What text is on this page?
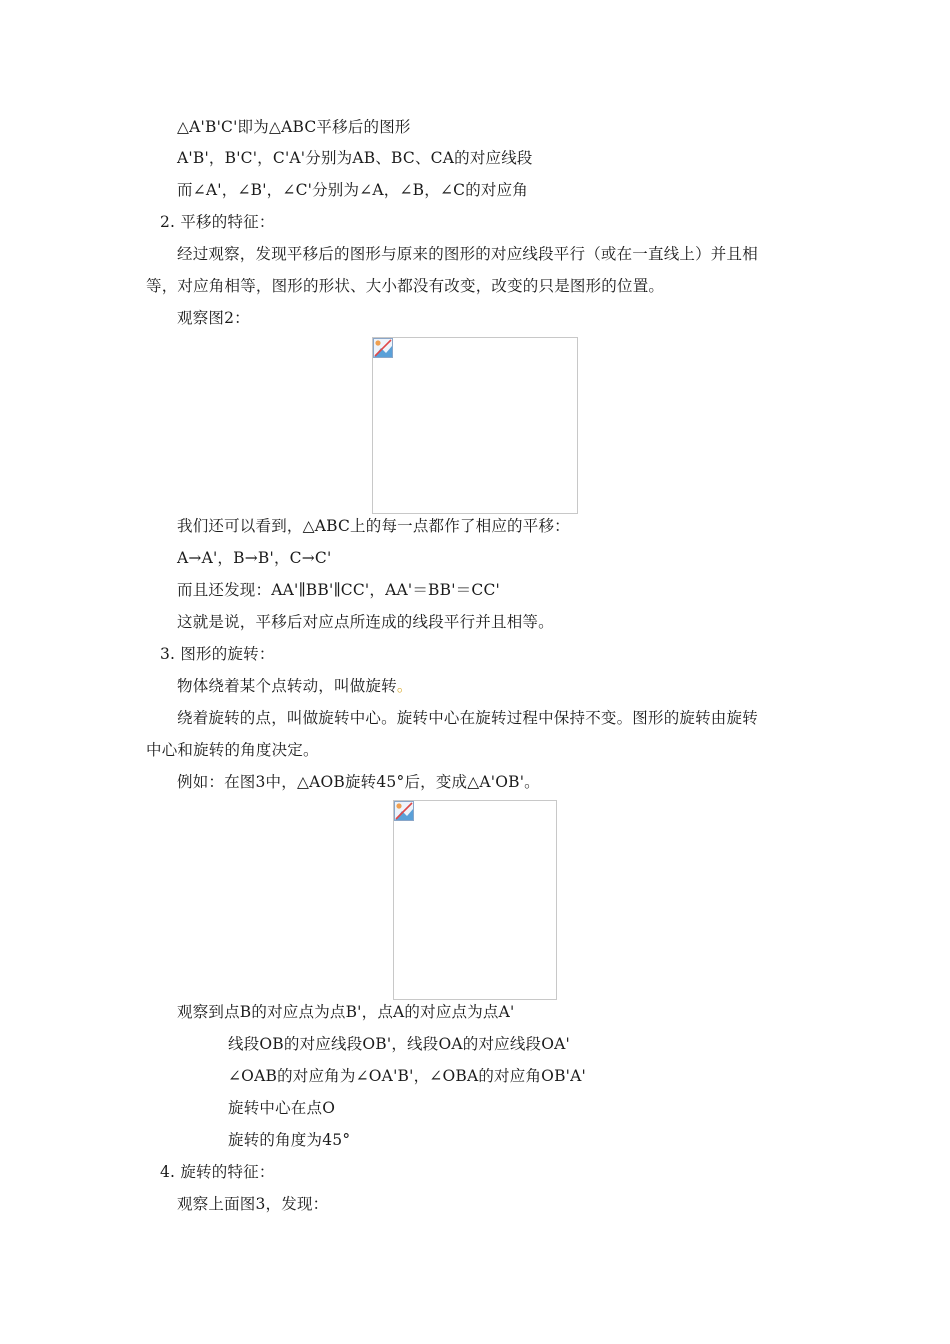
△A'B'C'即为△ABC平移后的图形
A'B'，B'C'，C'A'分别为AB、BC、CA的对应线段
而∠A'，∠B'，∠C'分别为∠A，∠B，∠C的对应角
2. 平移的特征：
经过观察，发现平移后的图形与原来的图形的对应线段平行（或在一直线上）并且相
等，对应角相等，图形的形状、大小都没有改变，改变的只是图形的位置。
观察图2：
我们还可以看到，△ABC上的每一点都作了相应的平移：
A→A'，B→B'，C→C'
而且还发现：AA'∥BB'∥CC'，AA'＝BB'＝CC'
这就是说，平移后对应点所连成的线段平行并且相等。
3. 图形的旋转：
物体绕着某个点转动，叫做旋转。
绕着旋转的点，叫做旋转中心。旋转中心在旋转过程中保持不变。图形的旋转由旋转
中心和旋转的角度决定。
例如：在图3中，△AOB旋转45°后，变成△A'OB'。
观察到点B的对应点为点B'，点A的对应点为点A'
线段OB的对应线段OB'，线段OA的对应线段OA'
∠OAB的对应角为∠OA'B'，∠OBA的对应角OB'A'
旋转中心在点O
旋转的角度为45°
4. 旋转的特征：
观察上面图3，发现：
